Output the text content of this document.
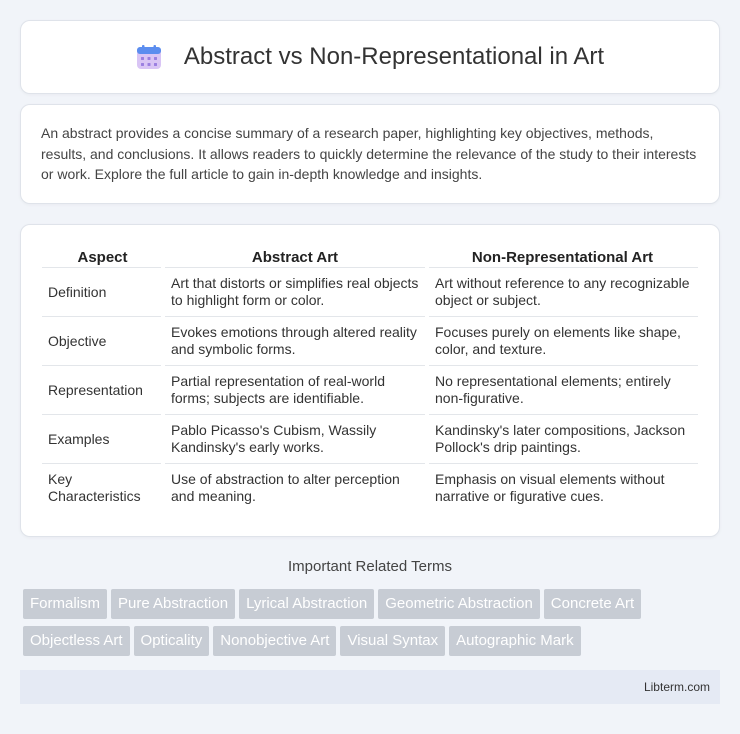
Abstract vs Non-Representational in Art

An abstract provides a concise summary of a research paper, highlighting key objectives, methods, results, and conclusions. It allows readers to quickly determine the relevance of the study to their interests or work. Explore the full article to gain in-depth knowledge and insights.

Aspect	Abstract Art	Non-Representational Art
Definition	Art that distorts or simplifies real objects to highlight form or color.	Art without reference to any recognizable object or subject.
Objective	Evokes emotions through altered reality and symbolic forms.	Focuses purely on elements like shape, color, and texture.
Representation	Partial representation of real-world forms; subjects are identifiable.	No representational elements; entirely non-figurative.
Examples	Pablo Picasso's Cubism, Wassily Kandinsky's early works.	Kandinsky's later compositions, Jackson Pollock's drip paintings.
Key Characteristics	Use of abstraction to alter perception and meaning.	Emphasis on visual elements without narrative or figurative cues.
Important Related Terms
Formalism Pure Abstraction Lyrical Abstraction Geometric Abstraction Concrete Art
Objectless Art Opticality Nonobjective Art Visual Syntax Autographic Mark
Libterm.com
